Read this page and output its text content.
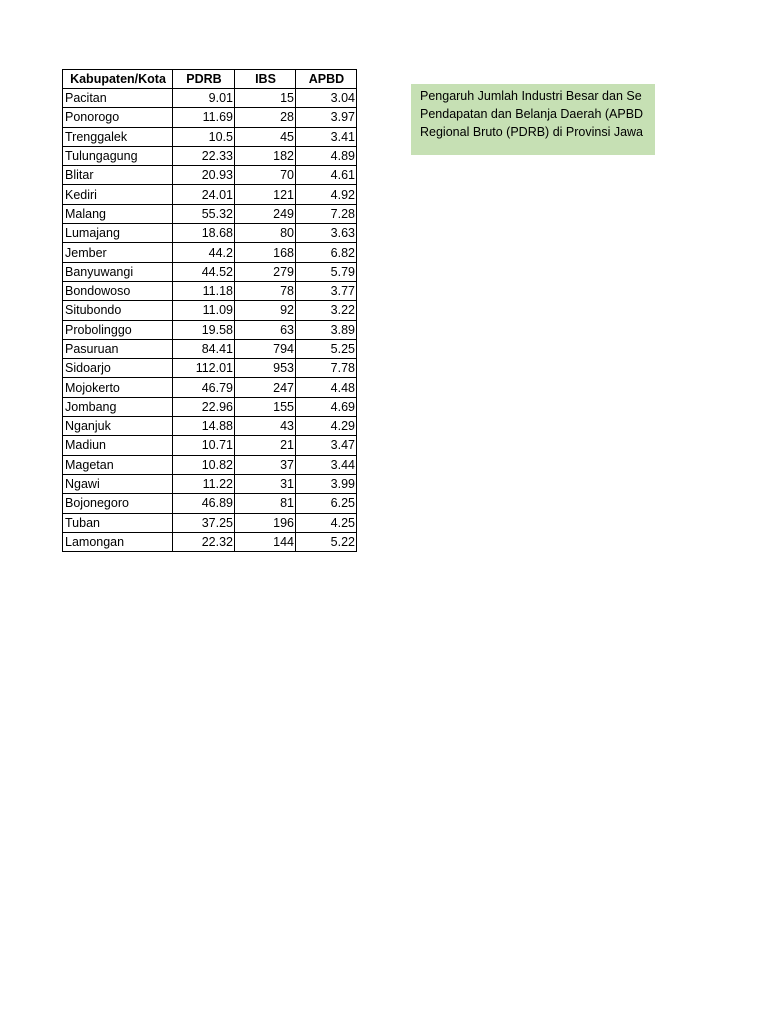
Kabupaten/Kota	PDRB	IBS	APBD
Pacitan	9.01	15	3.04
Ponorogo	11.69	28	3.97
Trenggalek	10.5	45	3.41
Tulungagung	22.33	182	4.89
Blitar	20.93	70	4.61
Kediri	24.01	121	4.92
Malang	55.32	249	7.28
Lumajang	18.68	80	3.63
Jember	44.2	168	6.82
Banyuwangi	44.52	279	5.79
Bondowoso	11.18	78	3.77
Situbondo	11.09	92	3.22
Probolinggo	19.58	63	3.89
Pasuruan	84.41	794	5.25
Sidoarjo	112.01	953	7.78
Mojokerto	46.79	247	4.48
Jombang	22.96	155	4.69
Nganjuk	14.88	43	4.29
Madiun	10.71	21	3.47
Magetan	10.82	37	3.44
Ngawi	11.22	31	3.99
Bojonegoro	46.89	81	6.25
Tuban	37.25	196	4.25
Lamongan	22.32	144	5.22
Pengaruh Jumlah Industri Besar dan Se
Pendapatan dan Belanja Daerah (APBD
Regional Bruto (PDRB) di Provinsi Jawa
